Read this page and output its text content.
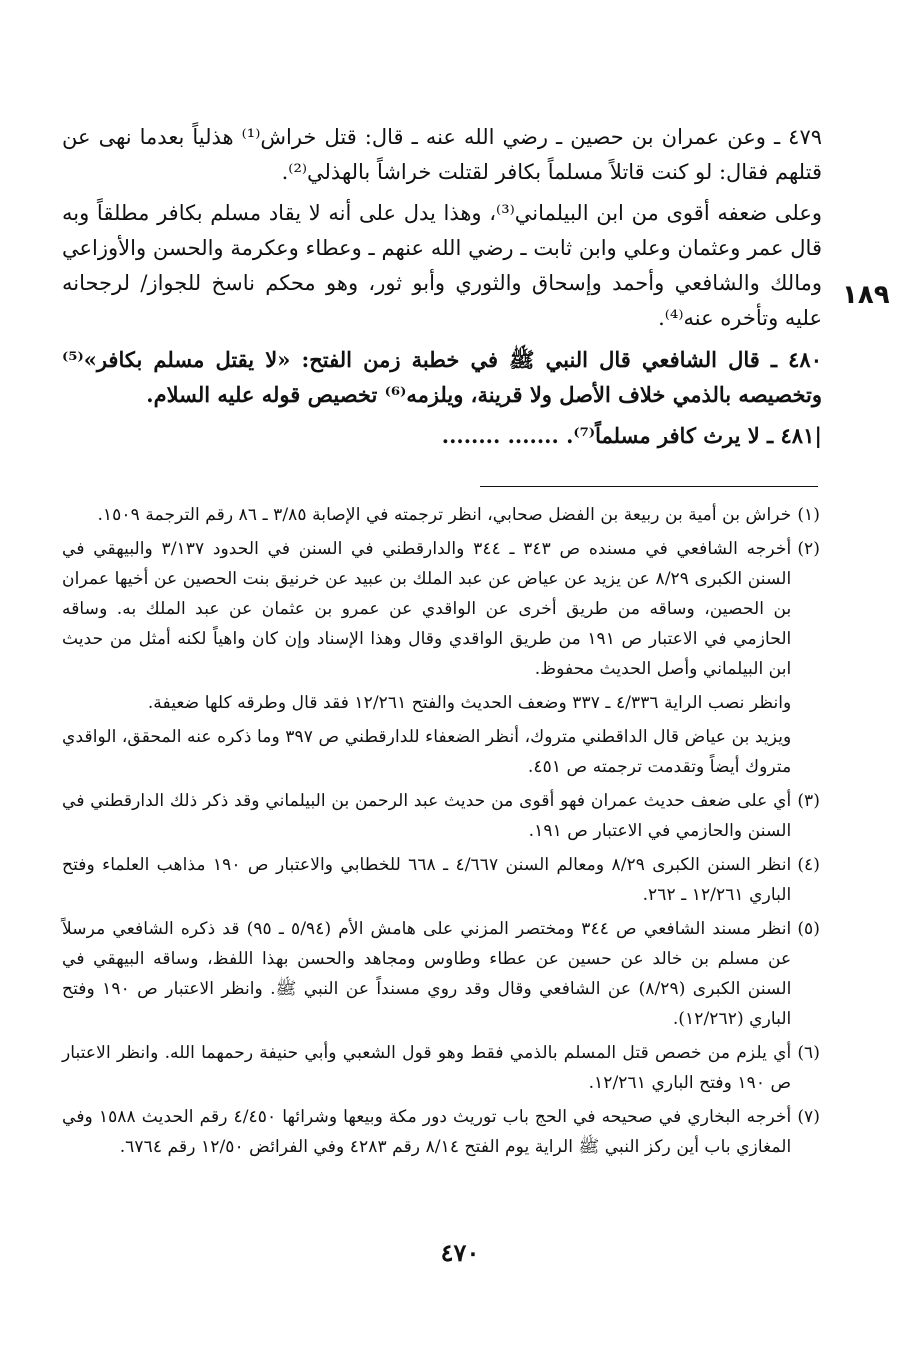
١٨٩

٤٧٩ ـ وعن عمران بن حصين ـ رضي الله عنه ـ قال: قتل خراش⁽¹⁾ هذلياً بعدما نهى عن قتلهم فقال: لو كنت قاتلاً مسلماً بكافر لقتلت خراشاً بالهذلي⁽²⁾.

وعلى ضعفه أقوى من ابن البيلماني⁽³⁾، وهذا يدل على أنه لا يقاد مسلم بكافر مطلقاً وبه قال عمر وعثمان وعلي وابن ثابت ـ رضي الله عنهم ـ وعطاء وعكرمة والحسن والأوزاعي ومالك والشافعي وأحمد وإسحاق والثوري وأبو ثور، وهو محكم ناسخ للجواز/ لرجحانه عليه وتأخره عنه⁽⁴⁾.

٤٨٠ ـ قال الشافعي قال النبي ﷺ في خطبة زمن الفتح: «لا يقتل مسلم بكافر»⁽⁵⁾ وتخصيصه بالذمي خلاف الأصل ولا قرينة، ويلزمه⁽⁶⁾ تخصيص قوله عليه السلام.

|٤٨١ ـ لا يرث كافر مسلماً⁽⁷⁾. ....... ........

(١)

خراش بن أمية بن ربيعة بن الفضل صحابي، انظر ترجمته في الإصابة ٣/٨٥ ـ ٨٦ رقم الترجمة ١٥٠٩.

(٢)

أخرجه الشافعي في مسنده ص ٣٤٣ ـ ٣٤٤ والدارقطني في السنن في الحدود ٣/١٣٧ والبيهقي في السنن الكبرى ٨/٢٩ عن يزيد عن عياض عن عبد الملك بن عبيد عن خرنيق بنت الحصين عن أخيها عمران بن الحصين، وساقه من طريق أخرى عن الواقدي عن عمرو بن عثمان عن عبد الملك به. وساقه الحازمي في الاعتبار ص ١٩١ من طريق الواقدي وقال وهذا الإسناد وإن كان واهياً لكنه أمثل من حديث ابن البيلماني وأصل الحديث محفوظ.

وانظر نصب الراية ٤/٣٣٦ ـ ٣٣٧ وضعف الحديث والفتح ١٢/٢٦١ فقد قال وطرقه كلها ضعيفة.

ويزيد بن عياض قال الداقطني متروك، أنظر الضعفاء للدارقطني ص ٣٩٧ وما ذكره عنه المحقق، الواقدي متروك أيضاً وتقدمت ترجمته ص ٤٥١.

(٣)

أي على ضعف حديث عمران فهو أقوى من حديث عبد الرحمن بن البيلماني وقد ذكر ذلك الدارقطني في السنن والحازمي في الاعتبار ص ١٩١.

(٤)

انظر السنن الكبرى ٨/٢٩ ومعالم السنن ٤/٦٦٧ ـ ٦٦٨ للخطابي والاعتبار ص ١٩٠ مذاهب العلماء وفتح الباري ١٢/٢٦١ ـ ٢٦٢.

(٥)

انظر مسند الشافعي ص ٣٤٤ ومختصر المزني على هامش الأم (٥/٩٤ ـ ٩٥) قد ذكره الشافعي مرسلاً عن مسلم بن خالد عن حسين عن عطاء وطاوس ومجاهد والحسن بهذا اللفظ، وساقه البيهقي في السنن الكبرى (٨/٢٩) عن الشافعي وقال وقد روي مسنداً عن النبي ﷺ. وانظر الاعتبار ص ١٩٠ وفتح الباري (١٢/٢٦٢).

(٦)

أي يلزم من خصص قتل المسلم بالذمي فقط وهو قول الشعبي وأبي حنيفة رحمهما الله. وانظر الاعتبار ص ١٩٠ وفتح الباري ١٢/٢٦١.

(٧)

أخرجه البخاري في صحيحه في الحج باب توريث دور مكة وبيعها وشرائها ٤/٤٥٠ رقم الحديث ١٥٨٨ وفي المغازي باب أين ركز النبي ﷺ الراية يوم الفتح ٨/١٤ رقم ٤٢٨٣ وفي الفرائض ١٢/٥٠ رقم ٦٧٦٤.

٤٧٠
